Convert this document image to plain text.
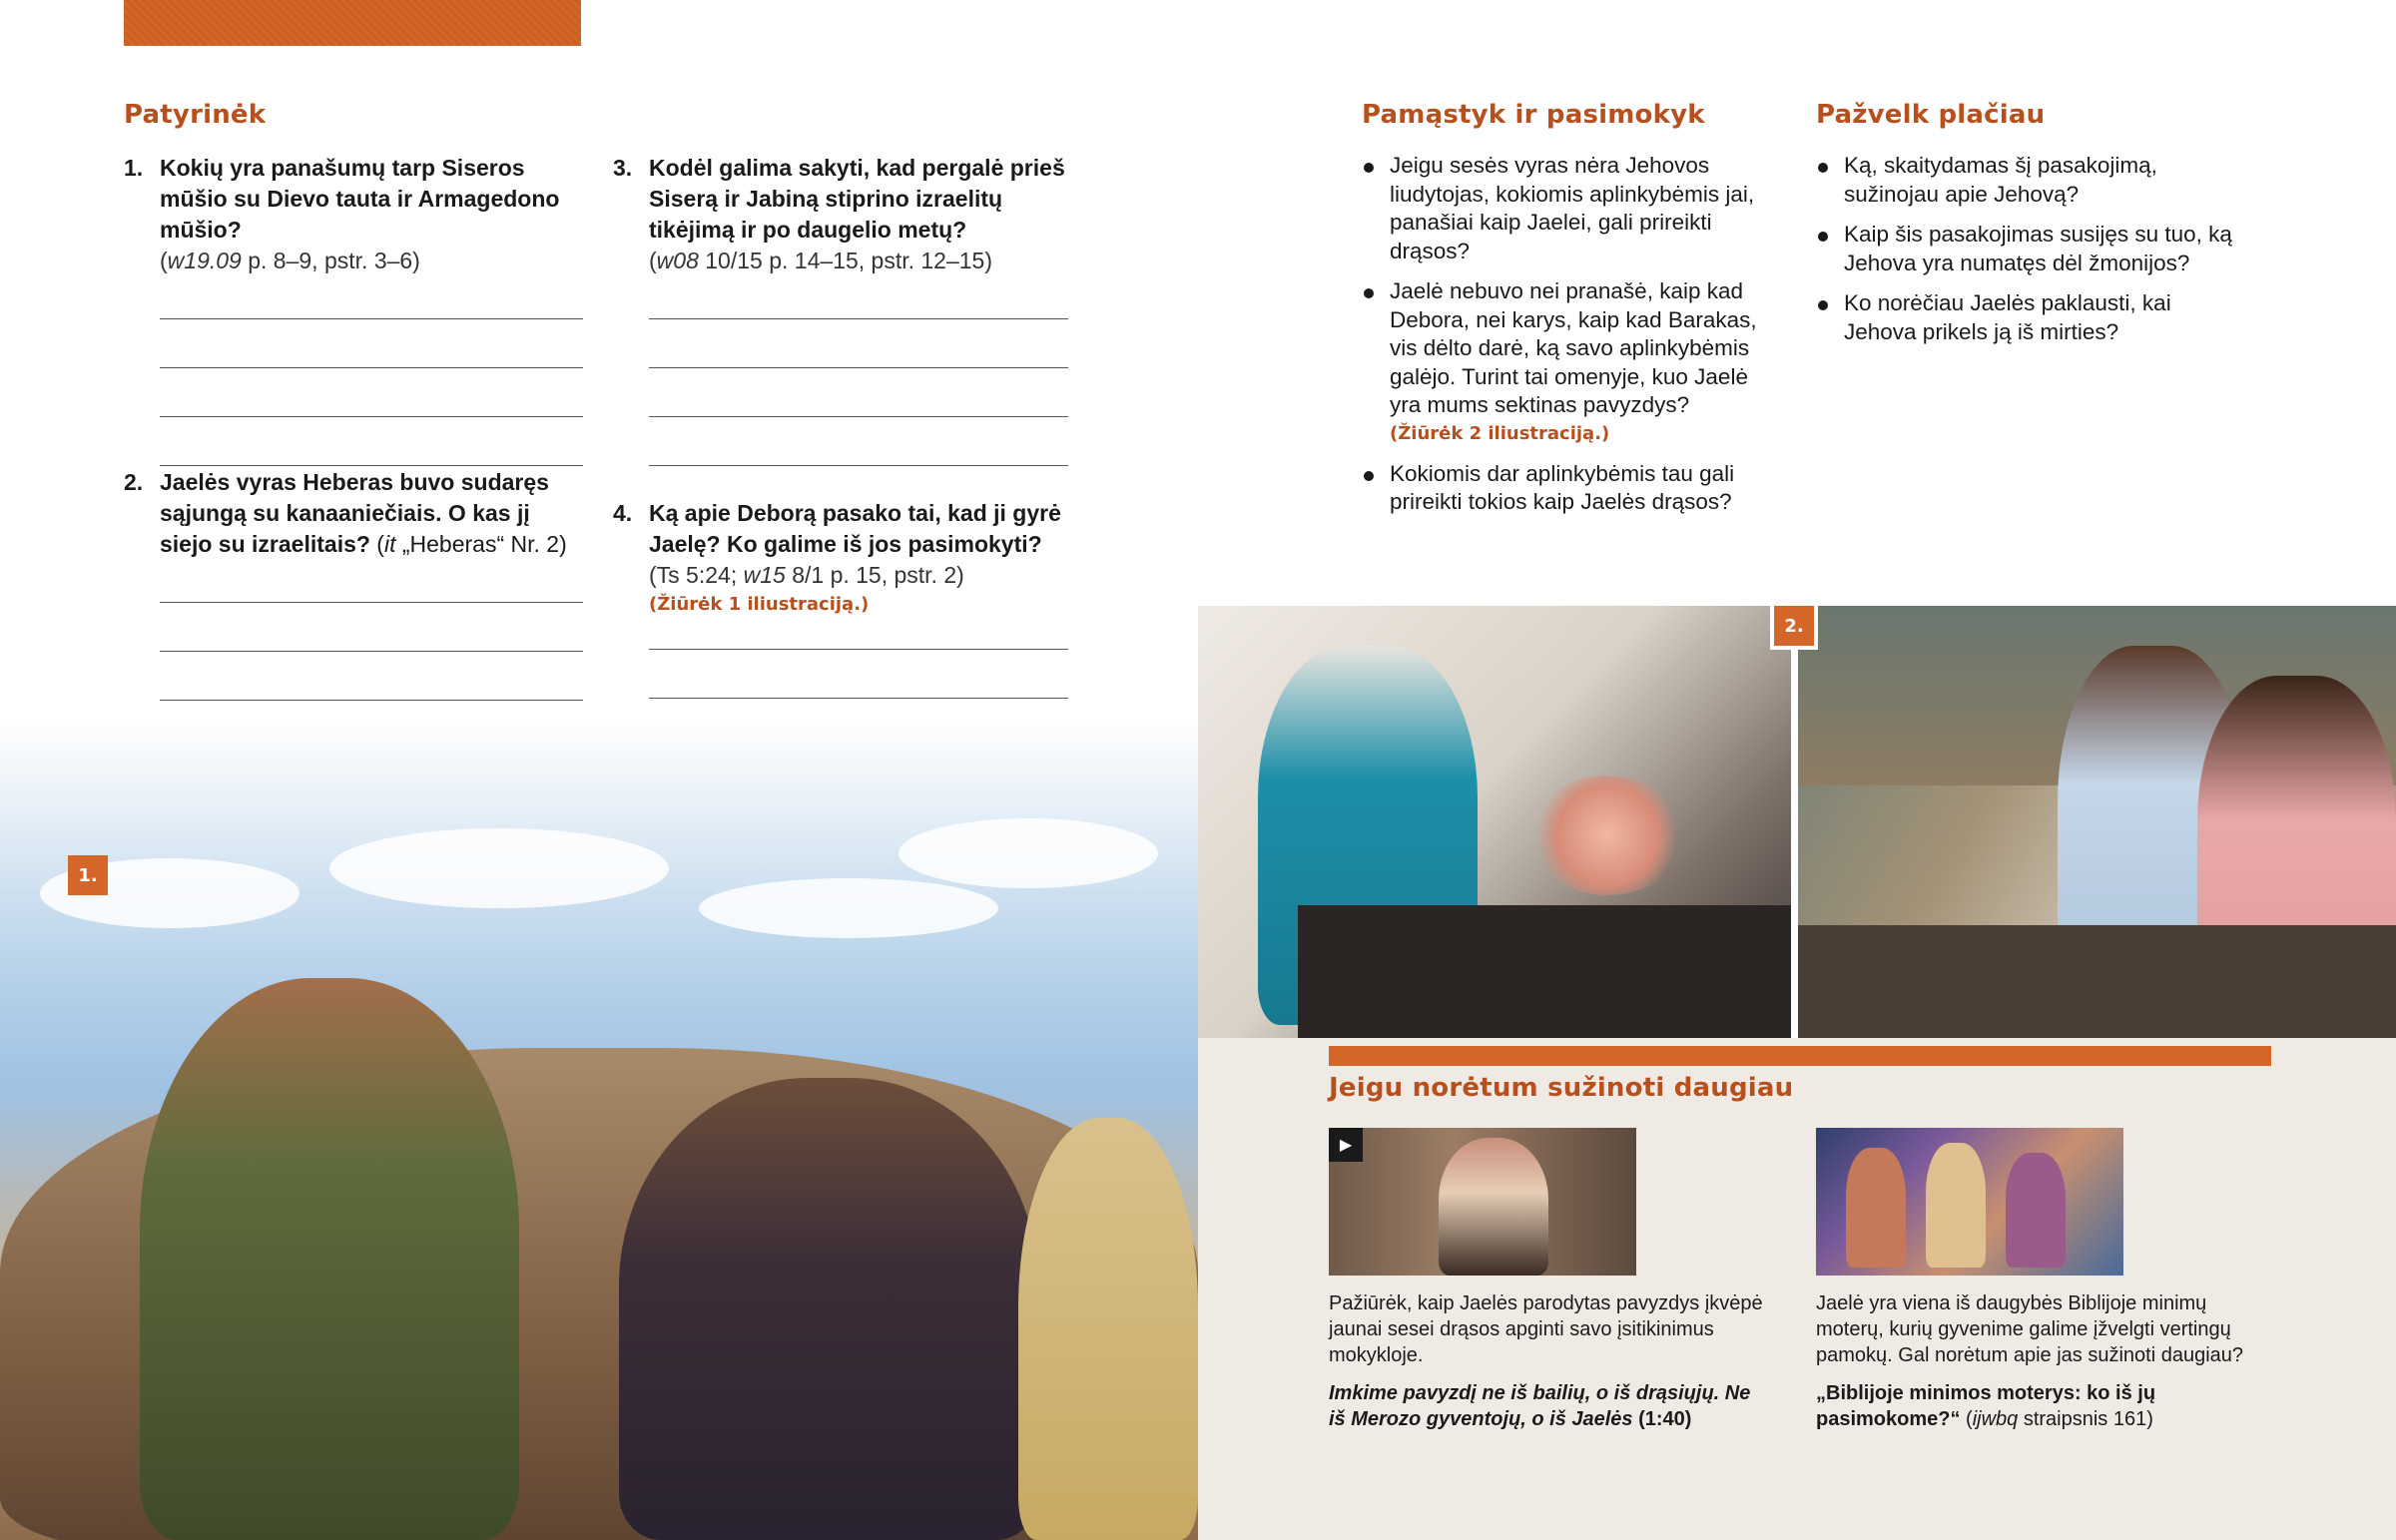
Patyrinėk
1. Kokių yra panašumų tarp Siseros mūšio su Dievo tauta ir Armagedono mūšio?
(w19.09 p. 8–9, pstr. 3–6)
2. Jaelės vyras Heberas buvo sudaręs sąjungą su kanaaniečiais. O kas jį siejo su izraelitais? (it „Heberas“ Nr. 2)
3. Kodėl galima sakyti, kad pergalė prieš Siserą ir Jabiną stiprino izraelitų tikėjimą ir po daugelio metų?
(w08 10/15 p. 14–15, pstr. 12–15)
4. Ką apie Deborą pasako tai, kad ji gyrė Jaelę? Ko galime iš jos pasimokyti?
(Ts 5:24; w15 8/1 p. 15, pstr. 2)
(Žiūrėk 1 iliustraciją.)
Pamąstyk ir pasimokyk
Jeigu sesės vyras nėra Jehovos liudytojas, kokiomis aplinkybėmis jai, panašiai kaip Jaelei, gali prireikti drąsos?
Jaelė nebuvo nei pranašė, kaip kad Debora, nei karys, kaip kad Barakas, vis dėlto darė, ką savo aplinkybėmis galėjo. Turint tai omenyje, kuo Jaelė yra mums sektinas pavyzdys?
(Žiūrėk 2 iliustraciją.)
Kokiomis dar aplinkybėmis tau gali prireikti tokios kaip Jaelės drąsos?
Pažvelk plačiau
Ką, skaitydamas šį pasakojimą, sužinojau apie Jehovą?
Kaip šis pasakojimas susijęs su tuo, ką Jehova yra numatęs dėl žmonijos?
Ko norėčiau Jaelės paklausti, kai Jehova prikels ją iš mirties?
1.
2.
Jeigu norėtum sužinoti daugiau
▶
Pažiūrėk, kaip Jaelės parodytas pavyzdys įkvėpė jaunai sesei drąsos apginti savo įsitikinimus mokykloje.
Imkime pavyzdį ne iš bailių, o iš drąsiųjų. Ne iš Merozo gyventojų, o iš Jaelės (1:40)
Jaelė yra viena iš daugybės Biblijoje minimų moterų, kurių gyvenime galime įžvelgti vertingų pamokų. Gal norėtum apie jas sužinoti daugiau?
„Biblijoje minimos moterys: ko iš jų pasimokome?“ (ijwbq straipsnis 161)
